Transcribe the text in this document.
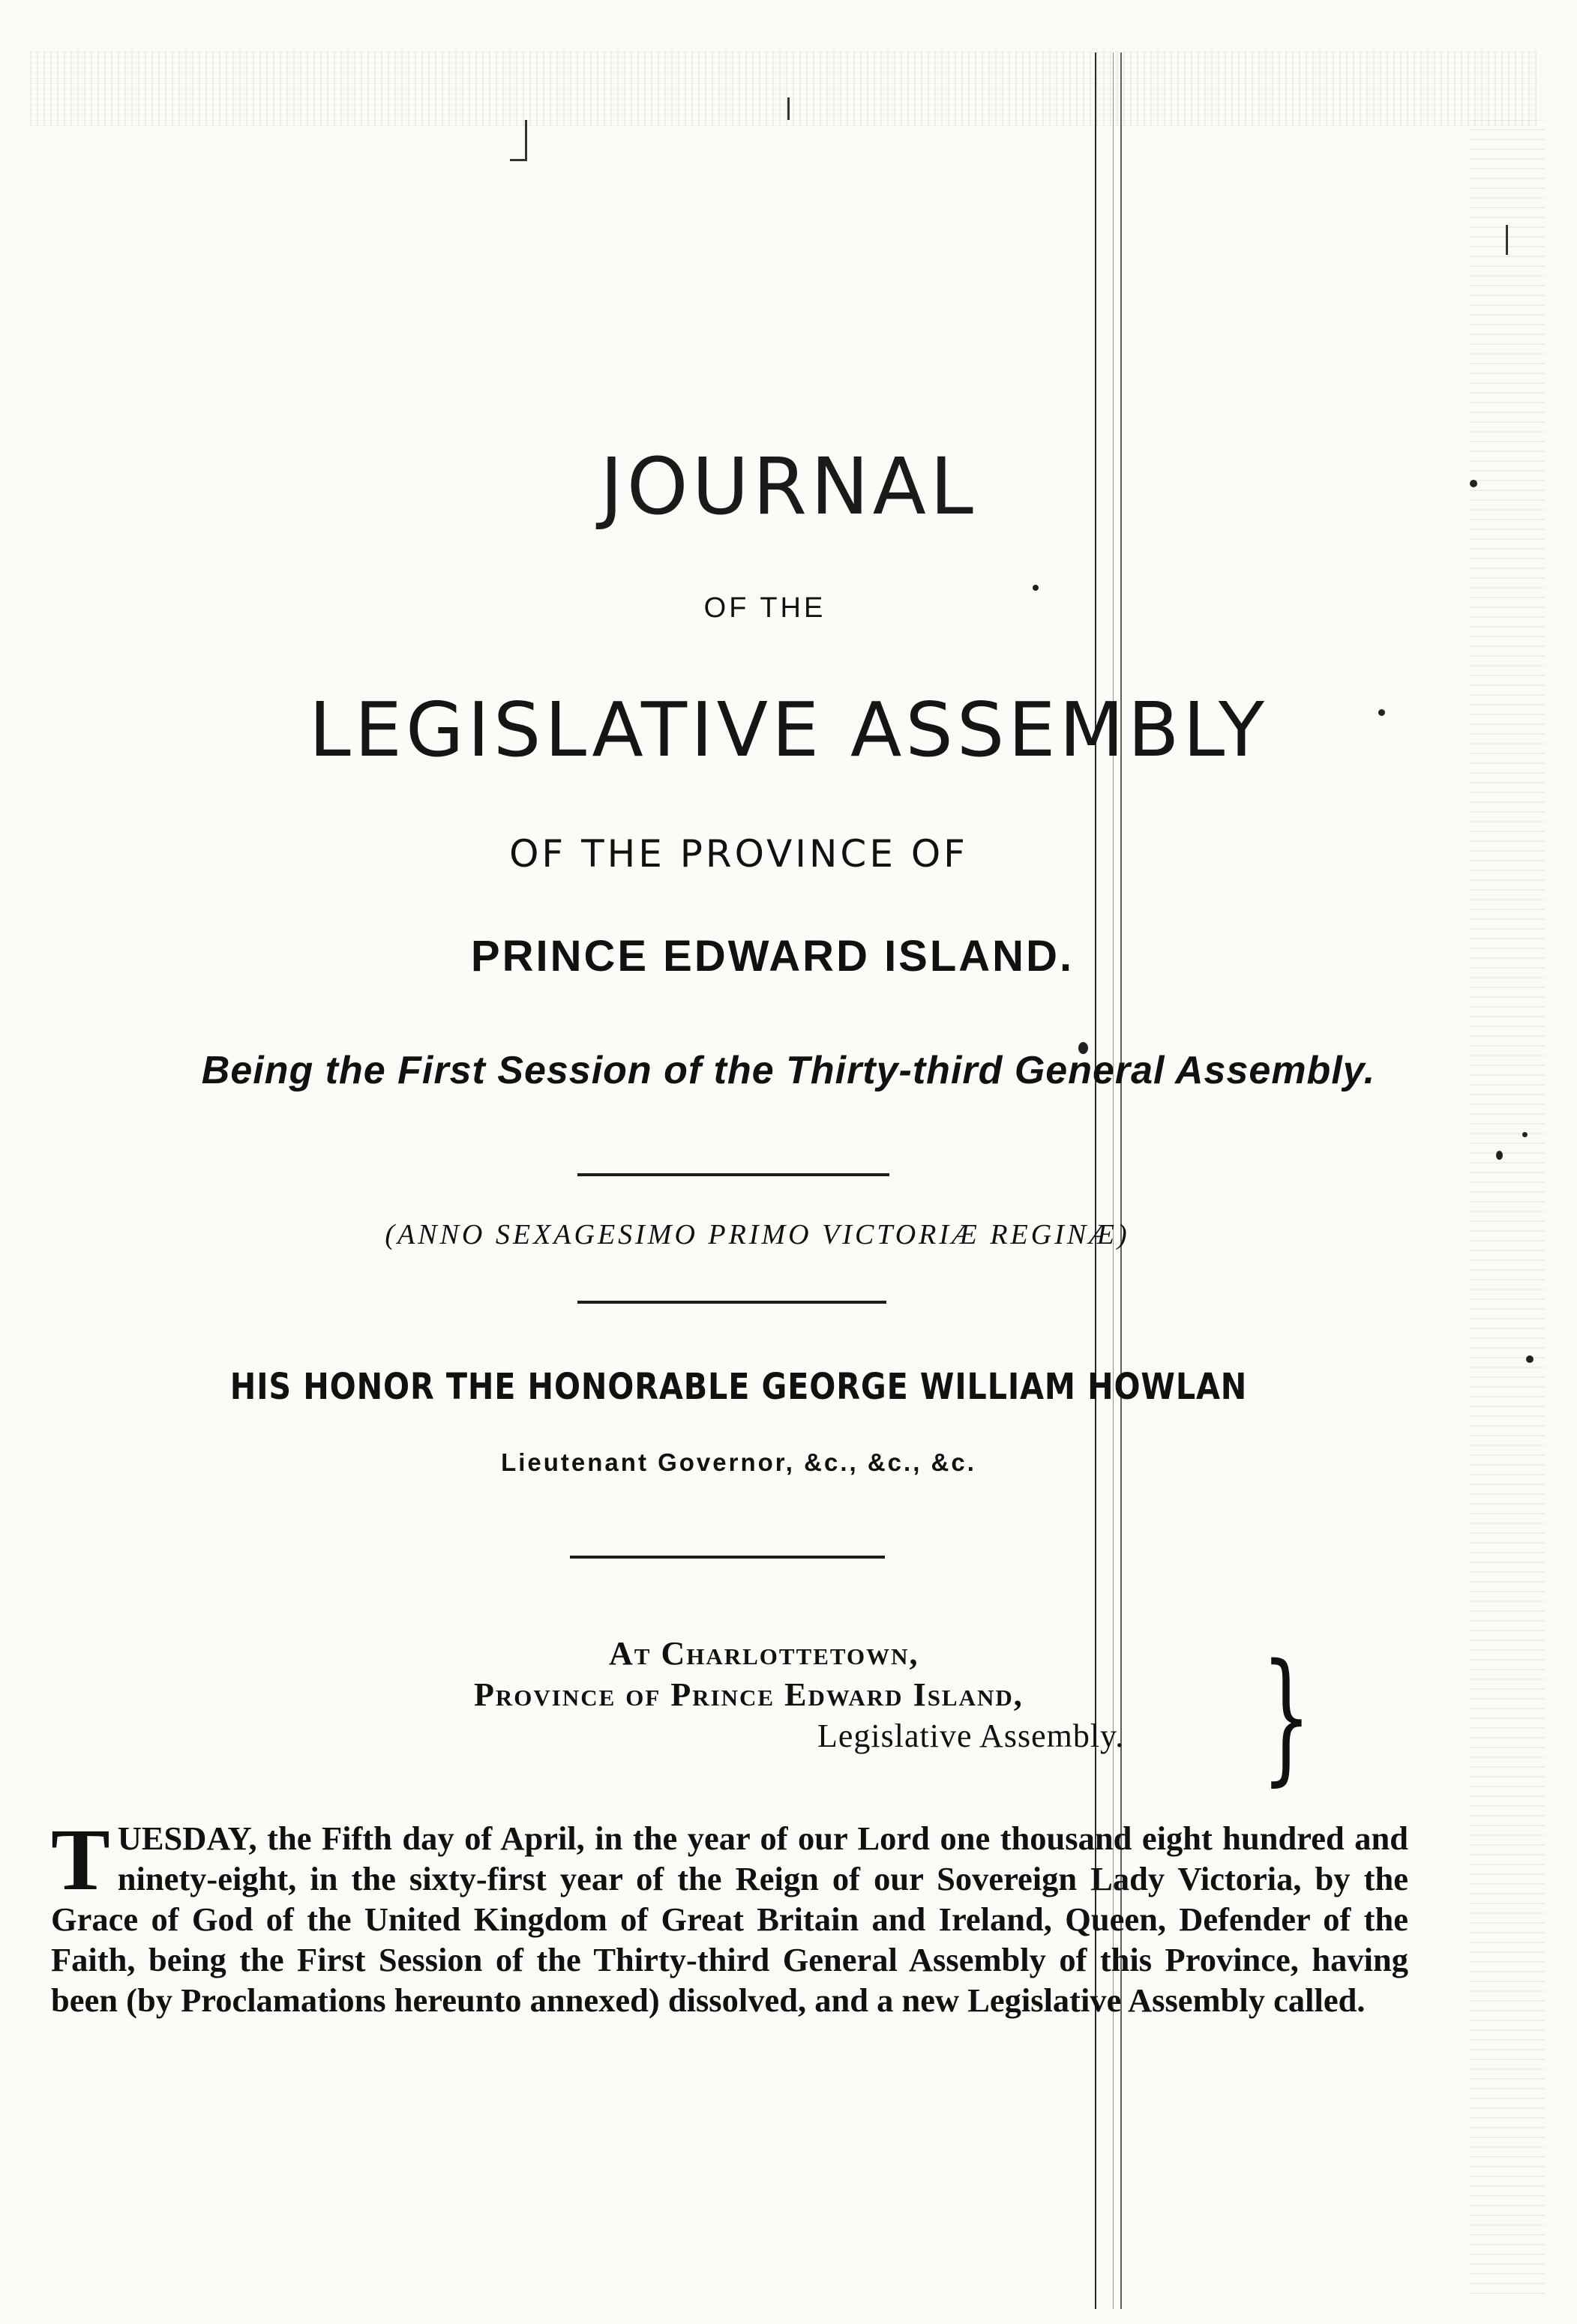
JOURNAL
OF THE
LEGISLATIVE ASSEMBLY
OF THE PROVINCE OF
PRINCE EDWARD ISLAND.
Being the First Session of the Thirty-third General Assembly.
(ANNO SEXAGESIMO PRIMO VICTORIÆ REGINÆ)
HIS HONOR THE HONORABLE GEORGE WILLIAM HOWLAN
Lieutenant Governor, &c., &c., &c.
At Charlottetown,
Province of Prince Edward Island,
Legislative Assembly. }
TUESDAY, the Fifth day of April, in the year of our Lord one thousand eight hundred and ninety-eight, in the sixty-first year of the Reign of our Sovereign Lady Victoria, by the Grace of God of the United Kingdom of Great Britain and Ireland, Queen, Defender of the Faith, being the First Session of the Thirty-third General Assembly of this Province, having been (by Proclamations hereunto annexed) dissolved, and a new Legislative Assembly called.
